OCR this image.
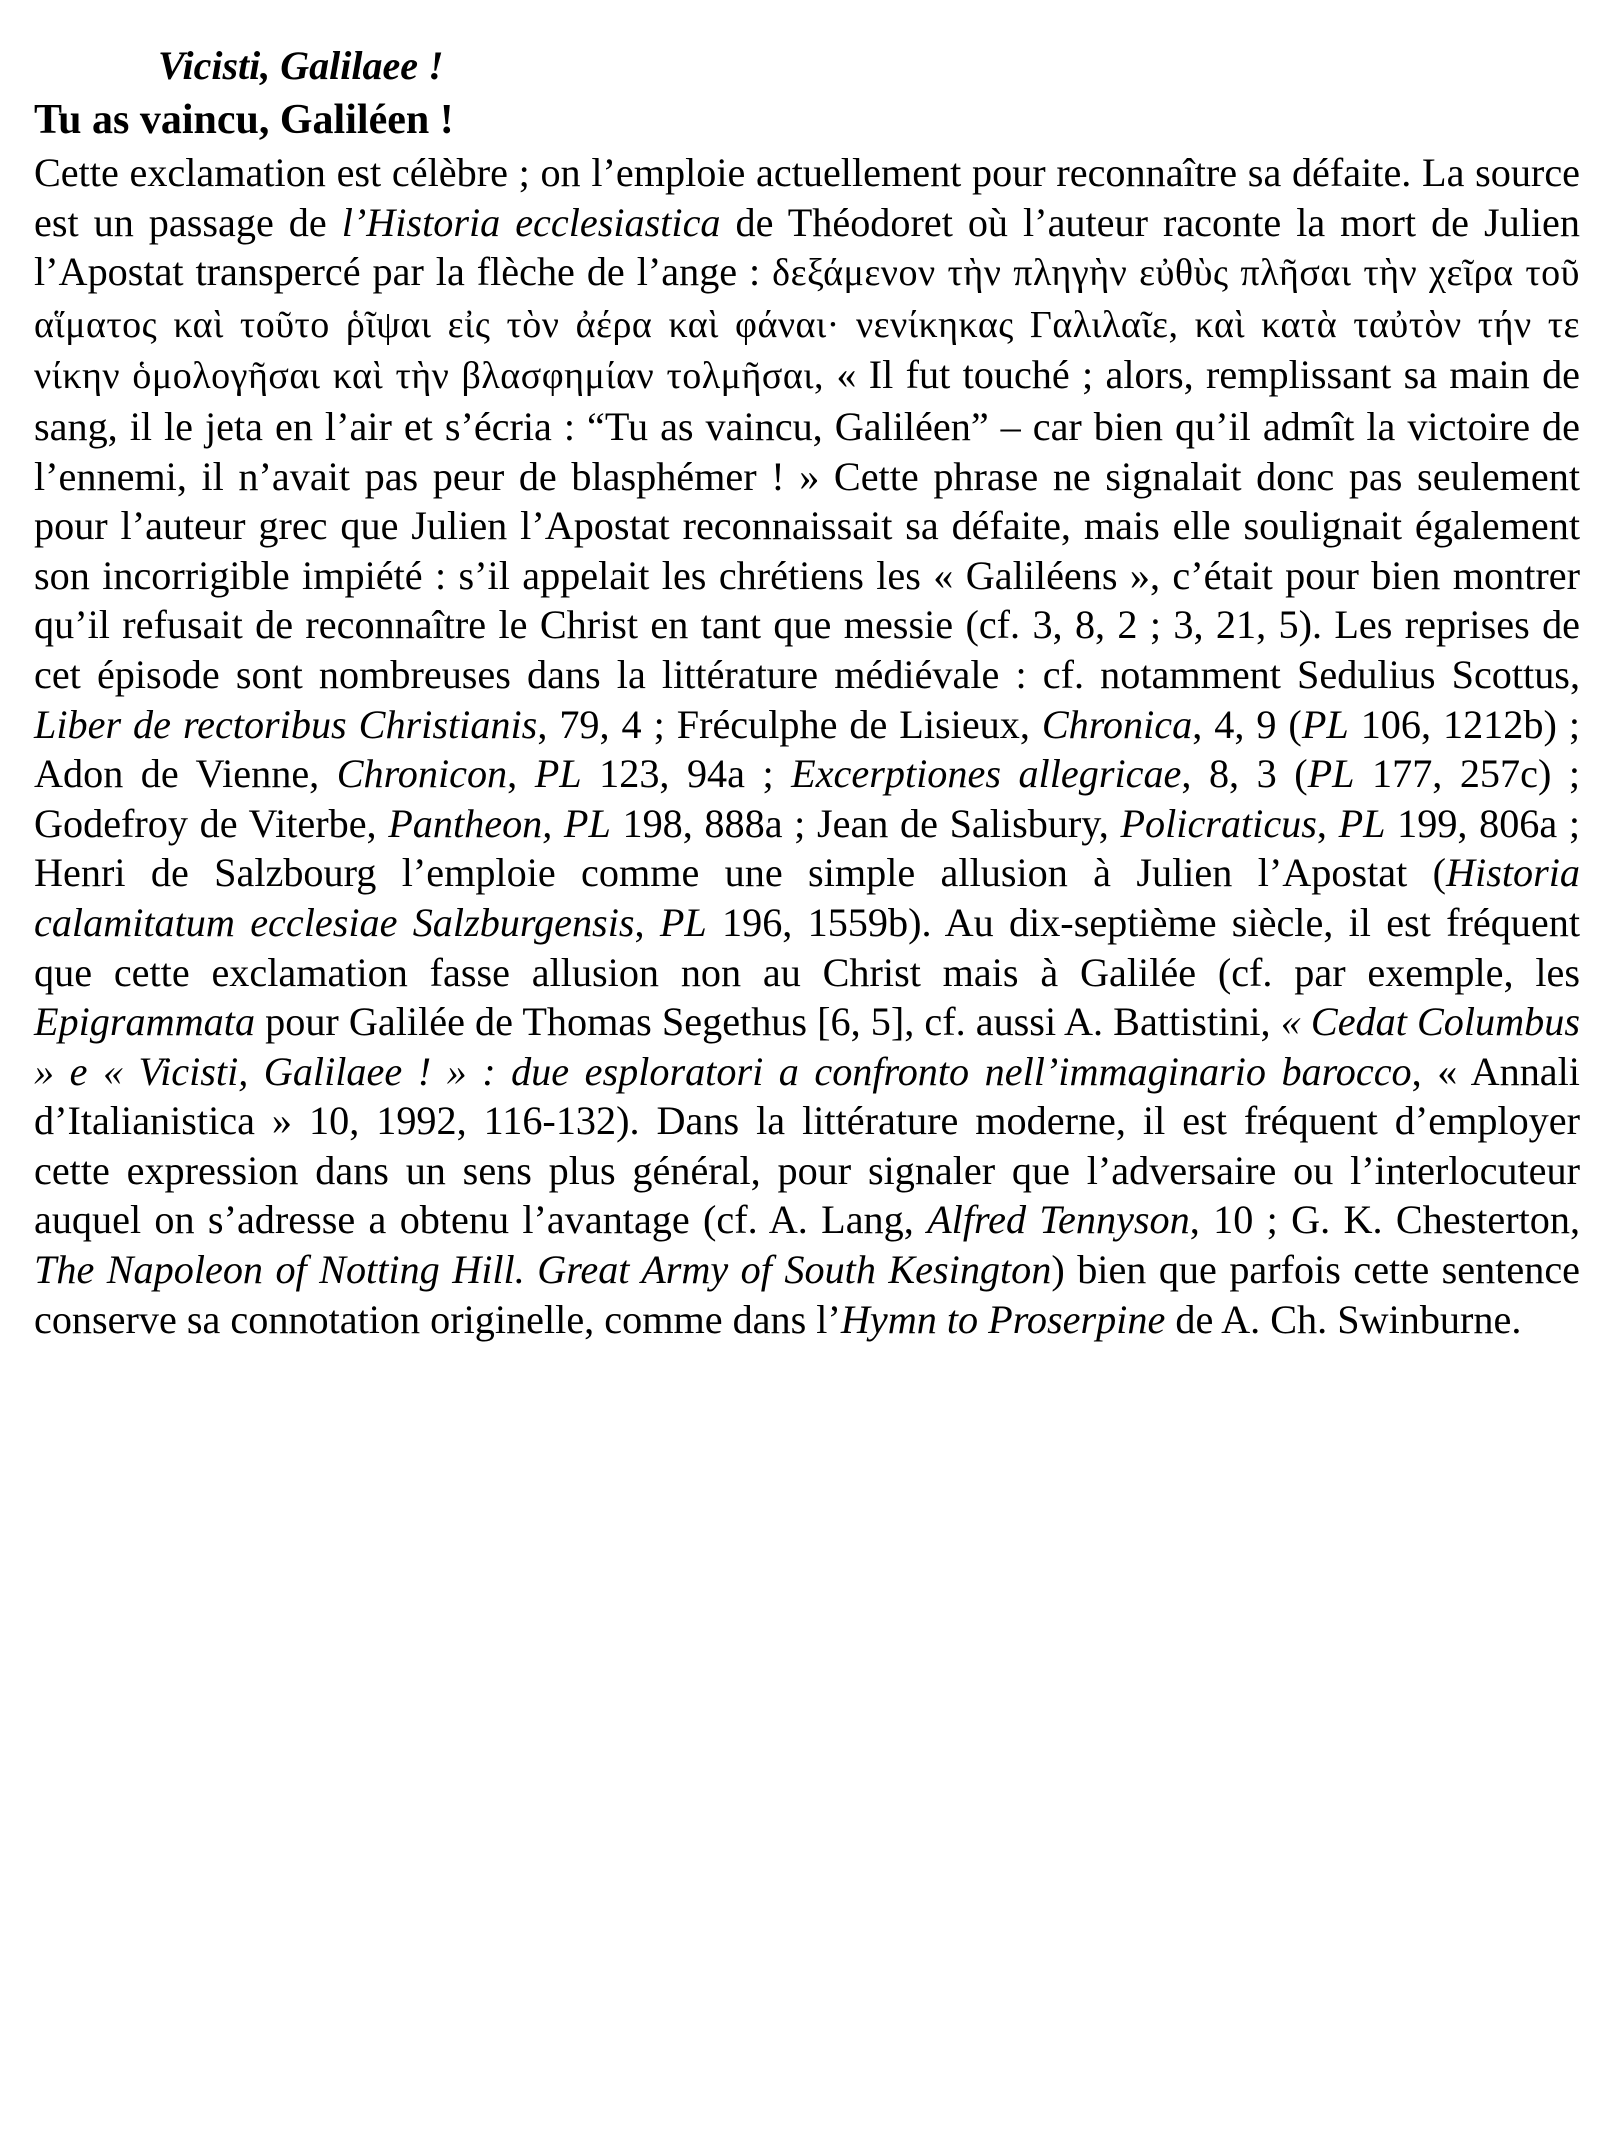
Vicisti, Galilaee !

Tu as vaincu, Galiléen !

Cette exclamation est célèbre ; on l’emploie actuellement pour reconnaître sa défaite. La source est un passage de l’Historia ecclesiastica de Théodoret où l’auteur raconte la mort de Julien l’Apostat transpercé par la flèche de l’ange : δεξάμενον τὴν πληγὴν εὐθὺς πλῆσαι τὴν χεῖρα τοῦ αἵματος καὶ τοῦτο ῥῖψαι εἰς τὸν ἀέρα καὶ φάναι· νενίκηκας Γαλιλαῖε, καὶ κατὰ ταὐτὸν τήν τε νίκην ὁμολογῆσαι καὶ τὴν βλασφημίαν τολμῆσαι, « Il fut touché ; alors, remplissant sa main de sang, il le jeta en l’air et s’écria : “Tu as vaincu, Galiléen” – car bien qu’il admît la victoire de l’ennemi, il n’avait pas peur de blasphémer ! » Cette phrase ne signalait donc pas seulement pour l’auteur grec que Julien l’Apostat reconnaissait sa défaite, mais elle soulignait également son incorrigible impiété : s’il appelait les chrétiens les « Galiléens », c’était pour bien montrer qu’il refusait de reconnaître le Christ en tant que messie (cf. 3, 8, 2 ; 3, 21, 5). Les reprises de cet épisode sont nombreuses dans la littérature médiévale : cf. notamment Sedulius Scottus, Liber de rectoribus Christianis, 79, 4 ; Fréculphe de Lisieux, Chronica, 4, 9 (PL 106, 1212b) ; Adon de Vienne, Chronicon, PL 123, 94a ; Excerptiones allegricae, 8, 3 (PL 177, 257c) ; Godefroy de Viterbe, Pantheon, PL 198, 888a ; Jean de Salisbury, Policraticus, PL 199, 806a ; Henri de Salzbourg l’emploie comme une simple allusion à Julien l’Apostat (Historia calamitatum ecclesiae Salzburgensis, PL 196, 1559b). Au dix-septième siècle, il est fréquent que cette exclamation fasse allusion non au Christ mais à Galilée (cf. par exemple, les Epigrammata pour Galilée de Thomas Segethus [6, 5], cf. aussi A. Battistini, « Cedat Columbus » e « Vicisti, Galilaee ! » : due esploratori a confronto nell’immaginario barocco, « Annali d’Italianistica » 10, 1992, 116-132). Dans la littérature moderne, il est fréquent d’employer cette expression dans un sens plus général, pour signaler que l’adversaire ou l’interlocuteur auquel on s’adresse a obtenu l’avantage (cf. A. Lang, Alfred Tennyson, 10 ; G. K. Chesterton, The Napoleon of Notting Hill. Great Army of South Kesington) bien que parfois cette sentence conserve sa connotation originelle, comme dans l’Hymn to Proserpine de A. Ch. Swinburne.
